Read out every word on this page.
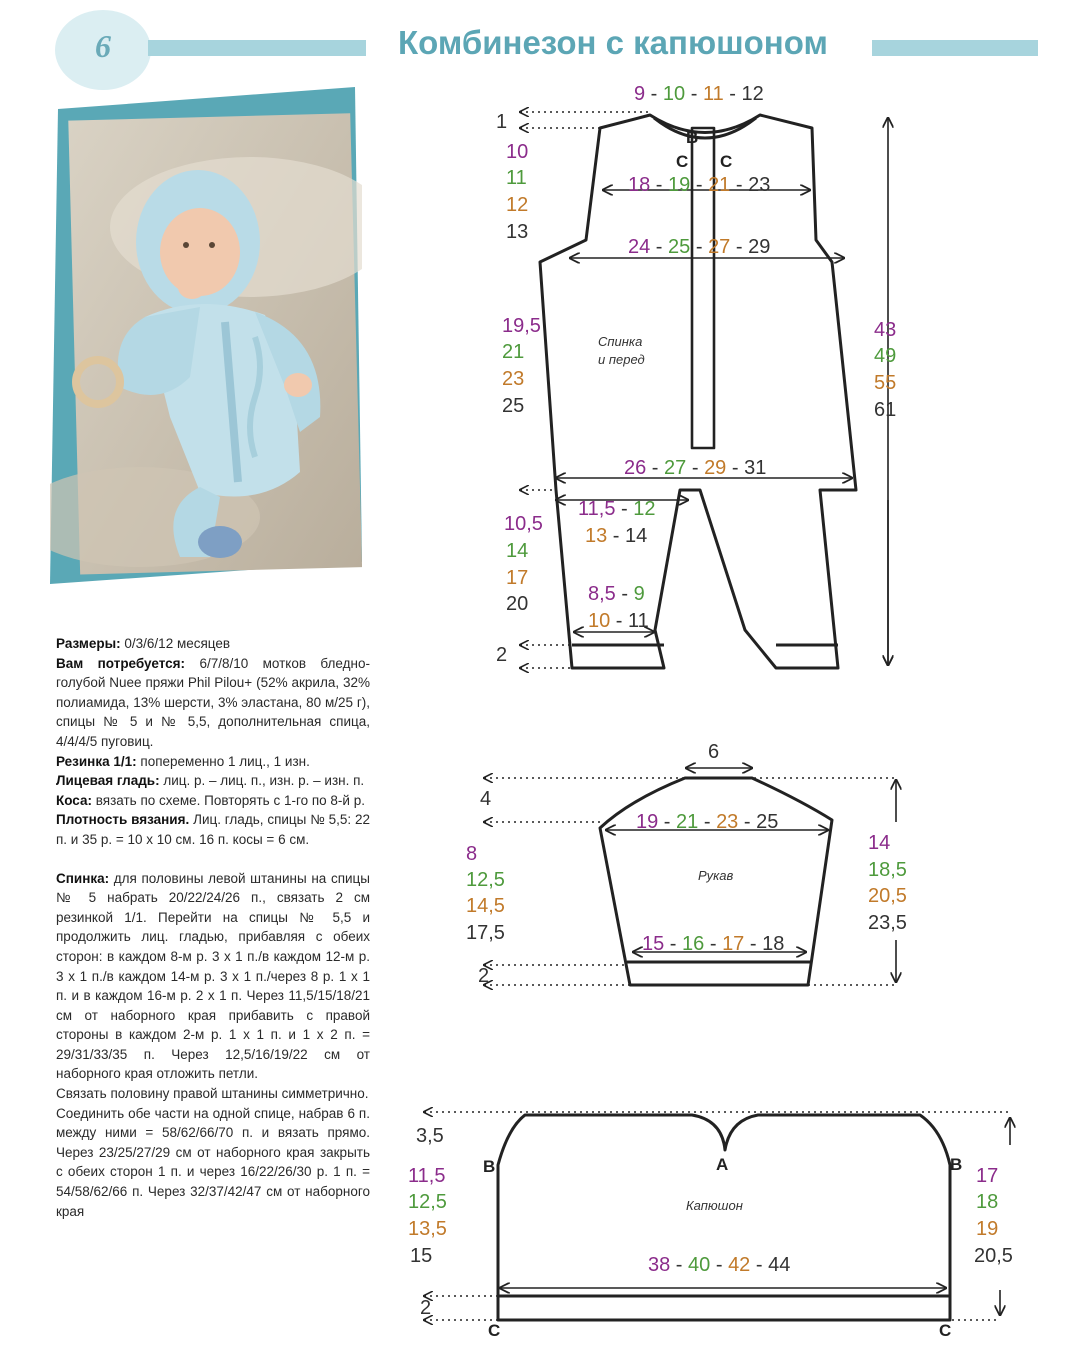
6	Комбинезон с капюшоном

Размеры: 0/3/6/12 месяцев

Вам потребуется: 6/7/8/10 мотков бледно-голубой Nuee пряжи Phil Pilou+ (52% акрила, 32% полиамида, 13% шерсти, 3% эластана, 80 м/25 г), спицы № 5 и № 5,5, дополнительная спица, 4/4/4/5 пуговиц.

Резинка 1/1: попеременно 1 лиц., 1 изн.

Лицевая гладь: лиц. р. – лиц. п., изн. р. – изн. п.

Коса: вязать по схеме. Повторять с 1-го по 8-й р.

Плотность вязания. Лиц. гладь, спицы № 5,5: 22 п. и 35 р. = 10 х 10 см. 16 п. косы = 6 см.

Спинка: для половины левой штанины на спицы № 5 набрать 20/22/24/26 п., связать 2 см резинкой 1/1. Перейти на спицы № 5,5 и продолжить лиц. гладью, прибавляя с обеих сторон: в каждом 8-м р. 3 х 1 п./в каждом 12-м р. 3 х 1 п./в каждом 14-м р. 3 х 1 п./через 8 р. 1 х 1 п. и в каждом 16-м р. 2 х 1 п. Через 11,5/15/18/21 см от наборного края прибавить с правой стороны в каждом 2-м р. 1 х 1 п. и 1 х 2 п. = 29/31/33/35 п. Через 12,5/16/19/22 см от наборного края отложить петли.

Связать половину правой штанины симметрично.

Соединить обе части на одной спице, набрав 6 п. между ними = 58/62/66/70 п. и вязать прямо. Через 23/25/27/29 см от наборного края закрыть с обеих сторон 1 п. и через 16/22/26/30 р. 1 п. = 54/58/62/66 п. Через 32/37/42/47 см от наборного края

9 - 10 - 11 - 12
18 - 19 - 21 - 23
24 - 25 - 27 - 29
26 - 27 - 29 - 31
11,5 - 12
13 - 14
8,5 - 9
10 - 11
1
10
11
12
13
19,5
21
23
25
43
49
55
61
10,5
14
17
20
2
B
C C
Спинка
и перед
6
4
19 - 21 - 23 - 25
15 - 16 - 17 - 18
8
12,5
14,5
17,5
14
18,5
20,5
23,5
2
Рукав
3,5
11,5
12,5
13,5
15
17
18
19
20,5
38 - 40 - 42 - 44
2
B	A	B
C	C
Капюшон
